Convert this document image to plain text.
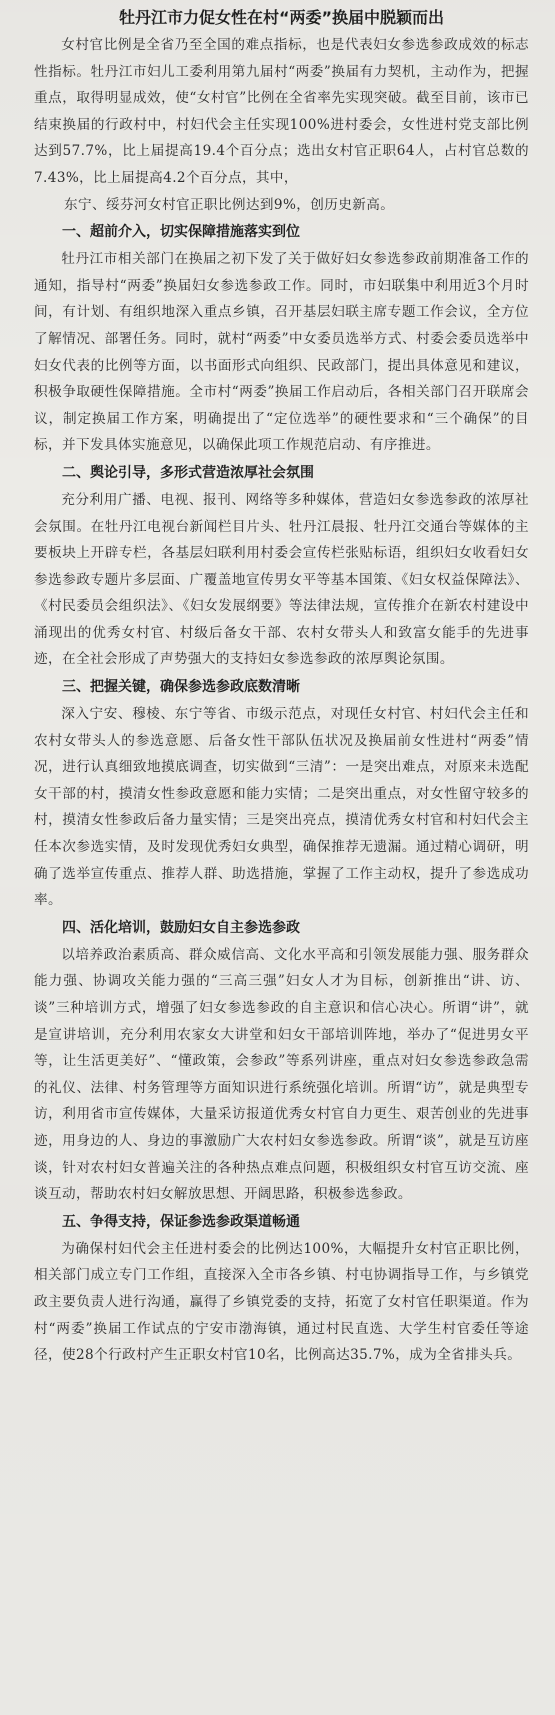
牡丹江市力促女性在村“两委”换届中脱颖而出

女村官比例是全省乃至全国的难点指标，也是代表妇女参选参政成效的标志性指标。牡丹江市妇儿工委利用第九届村“两委”换届有力契机，主动作为，把握重点，取得明显成效，使“女村官”比例在全省率先实现突破。截至目前，该市已结束换届的行政村中，村妇代会主任实现100%进村委会，女性进村党支部比例达到57.7%，比上届提高19.4个百分点；选出女村官正职64人，占村官总数的7.43%，比上届提高4.2个百分点，其中，

东宁、绥芬河女村官正职比例达到9%，创历史新高。

一、超前介入，切实保障措施落实到位

牡丹江市相关部门在换届之初下发了关于做好妇女参选参政前期准备工作的通知，指导村“两委”换届妇女参选参政工作。同时，市妇联集中利用近3个月时间，有计划、有组织地深入重点乡镇，召开基层妇联主席专题工作会议，全方位了解情况、部署任务。同时，就村“两委”中女委员选举方式、村委会委员选举中妇女代表的比例等方面，以书面形式向组织、民政部门，提出具体意见和建议，积极争取硬性保障措施。全市村“两委”换届工作启动后，各相关部门召开联席会议，制定换届工作方案，明确提出了“定位选举”的硬性要求和“三个确保”的目标，并下发具体实施意见，以确保此项工作规范启动、有序推进。

二、舆论引导，多形式营造浓厚社会氛围

充分利用广播、电视、报刊、网络等多种媒体，营造妇女参选参政的浓厚社会氛围。在牡丹江电视台新闻栏目片头、牡丹江晨报、牡丹江交通台等媒体的主要板块上开辟专栏，各基层妇联利用村委会宣传栏张贴标语，组织妇女收看妇女参选参政专题片多层面、广覆盖地宣传男女平等基本国策、《妇女权益保障法》、《村民委员会组织法》、《妇女发展纲要》等法律法规，宣传推介在新农村建设中涌现出的优秀女村官、村级后备女干部、农村女带头人和致富女能手的先进事迹，在全社会形成了声势强大的支持妇女参选参政的浓厚舆论氛围。

三、把握关键，确保参选参政底数清晰

深入宁安、穆棱、东宁等省、市级示范点，对现任女村官、村妇代会主任和农村女带头人的参选意愿、后备女性干部队伍状况及换届前女性进村“两委”情况，进行认真细致地摸底调查，切实做到“三清”：一是突出难点，对原来未选配女干部的村，摸清女性参政意愿和能力实情；二是突出重点，对女性留守较多的村，摸清女性参政后备力量实情；三是突出亮点，摸清优秀女村官和村妇代会主任本次参选实情，及时发现优秀妇女典型，确保推荐无遗漏。通过精心调研，明确了选举宣传重点、推荐人群、助选措施，掌握了工作主动权，提升了参选成功率。

四、活化培训，鼓励妇女自主参选参政

以培养政治素质高、群众威信高、文化水平高和引领发展能力强、服务群众能力强、协调攻关能力强的“三高三强”妇女人才为目标，创新推出“讲、访、谈”三种培训方式，增强了妇女参选参政的自主意识和信心决心。所谓“讲”，就是宣讲培训，充分利用农家女大讲堂和妇女干部培训阵地，举办了“促进男女平等，让生活更美好”、“懂政策，会参政”等系列讲座，重点对妇女参选参政急需的礼仪、法律、村务管理等方面知识进行系统强化培训。所谓“访”，就是典型专访，利用省市宣传媒体，大量采访报道优秀女村官自力更生、艰苦创业的先进事迹，用身边的人、身边的事激励广大农村妇女参选参政。所谓“谈”，就是互访座谈，针对农村妇女普遍关注的各种热点难点问题，积极组织女村官互访交流、座谈互动，帮助农村妇女解放思想、开阔思路，积极参选参政。

五、争得支持，保证参选参政渠道畅通

为确保村妇代会主任进村委会的比例达100%，大幅提升女村官正职比例，相关部门成立专门工作组，直接深入全市各乡镇、村屯协调指导工作，与乡镇党政主要负责人进行沟通，赢得了乡镇党委的支持，拓宽了女村官任职渠道。作为村“两委”换届工作试点的宁安市渤海镇，通过村民直选、大学生村官委任等途径，使28个行政村产生正职女村官10名，比例高达35.7%，成为全省排头兵。
